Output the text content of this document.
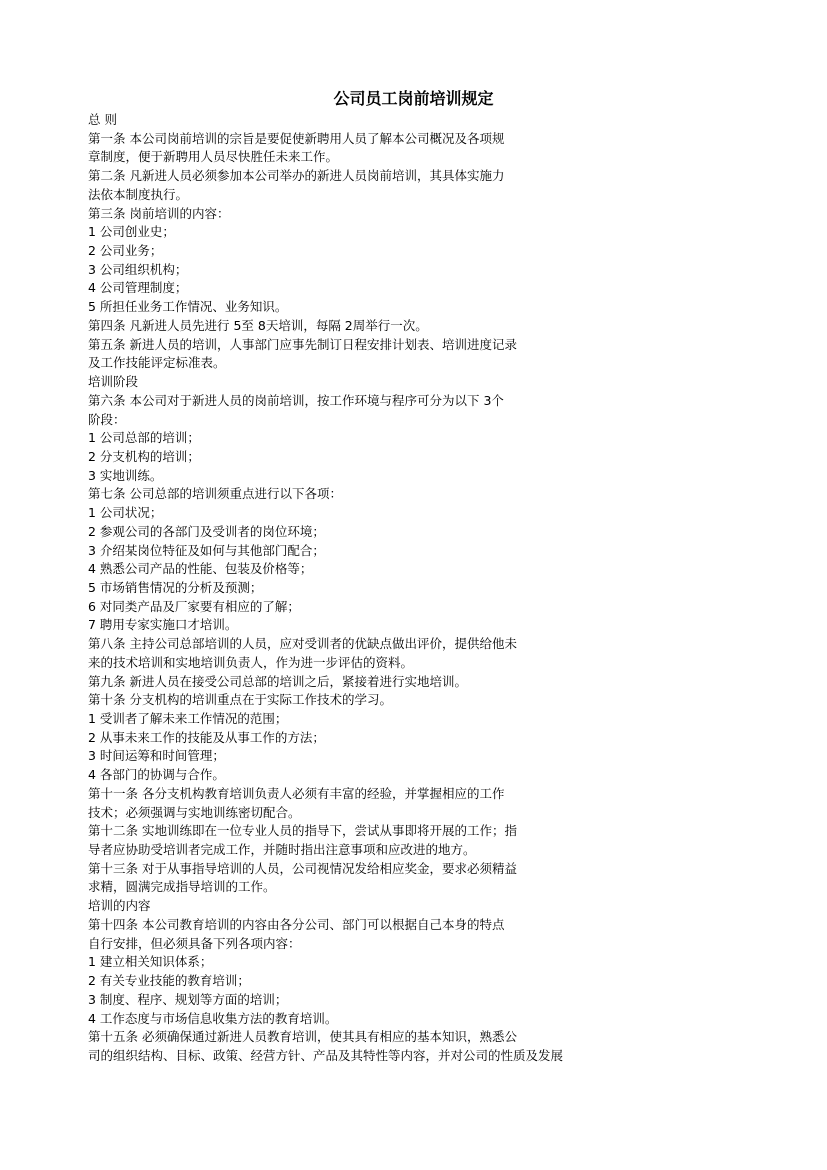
公司员工岗前培训规定
总 则
第一条 本公司岗前培训的宗旨是要促使新聘用人员了解本公司概况及各项规
章制度，便于新聘用人员尽快胜任未来工作。
第二条 凡新进人员必须参加本公司举办的新进人员岗前培训，其具体实施力
法依本制度执行。
第三条 岗前培训的内容：
1 公司创业史；
2 公司业务；
3 公司组织机构；
4 公司管理制度；
5 所担任业务工作情况、业务知识。
第四条 凡新进人员先进行 5至 8天培训，每隔 2周举行一次。
第五条 新进人员的培训，人事部门应事先制订日程安排计划表、培训进度记录
及工作技能评定标准表。
培训阶段
第六条 本公司对于新进人员的岗前培训，按工作环境与程序可分为以下 3个
阶段：
1 公司总部的培训；
2 分支机构的培训；
3 实地训练。
第七条 公司总部的培训须重点进行以下各项：
1 公司状况；
2 参观公司的各部门及受训者的岗位环境；
3 介绍某岗位特征及如何与其他部门配合；
4 熟悉公司产品的性能、包装及价格等；
5 市场销售情况的分析及预测；
6 对同类产品及厂家要有相应的了解；
7 聘用专家实施口才培训。
第八条 主持公司总部培训的人员，应对受训者的优缺点做出评价，提供给他未
来的技术培训和实地培训负责人，作为进一步评估的资料。
第九条 新进人员在接受公司总部的培训之后，紧接着进行实地培训。
第十条 分支机构的培训重点在于实际工作技术的学习。
1 受训者了解未来工作情况的范围；
2 从事未来工作的技能及从事工作的方法；
3 时间运筹和时间管理；
4 各部门的协调与合作。
第十一条 各分支机构教育培训负责人必须有丰富的经验，并掌握相应的工作
技术；必须强调与实地训练密切配合。
第十二条 实地训练即在一位专业人员的指导下，尝试从事即将开展的工作；指
导者应协助受培训者完成工作，并随时指出注意事项和应改进的地方。
第十三条 对于从事指导培训的人员，公司视情况发给相应奖金，要求必须精益
求精，圆满完成指导培训的工作。
培训的内容
第十四条 本公司教育培训的内容由各分公司、部门可以根据自己本身的特点
自行安排，但必须具备下列各项内容：
1 建立相关知识体系；
2 有关专业技能的教育培训；
3 制度、程序、规划等方面的培训；
4 工作态度与市场信息收集方法的教育培训。
第十五条 必须确保通过新进人员教育培训，使其具有相应的基本知识，熟悉公
司的组织结构、目标、政策、经营方针、产品及其特性等内容，并对公司的性质及发展
